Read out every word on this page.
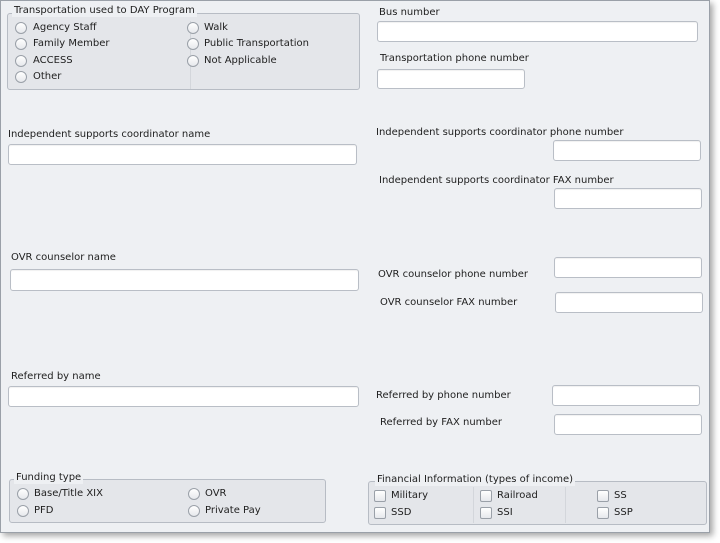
Transportation used to DAY Program
Agency Staff
Family Member
ACCESS
Other
Walk
Public Transportation
Not Applicable
Bus number
Transportation phone number
Independent supports coordinator name	Independent supports coordinator phone number
Independent supports coordinator FAX number
OVR counselor name
OVR counselor phone number
OVR counselor FAX number
Referred by name
Referred by phone number
Referred by FAX number
Funding type
Base/Title XIX
PFD
OVR
Private Pay
Financial Information (types of income)
Military
SSD
Railroad
SSI
SS
SSP
